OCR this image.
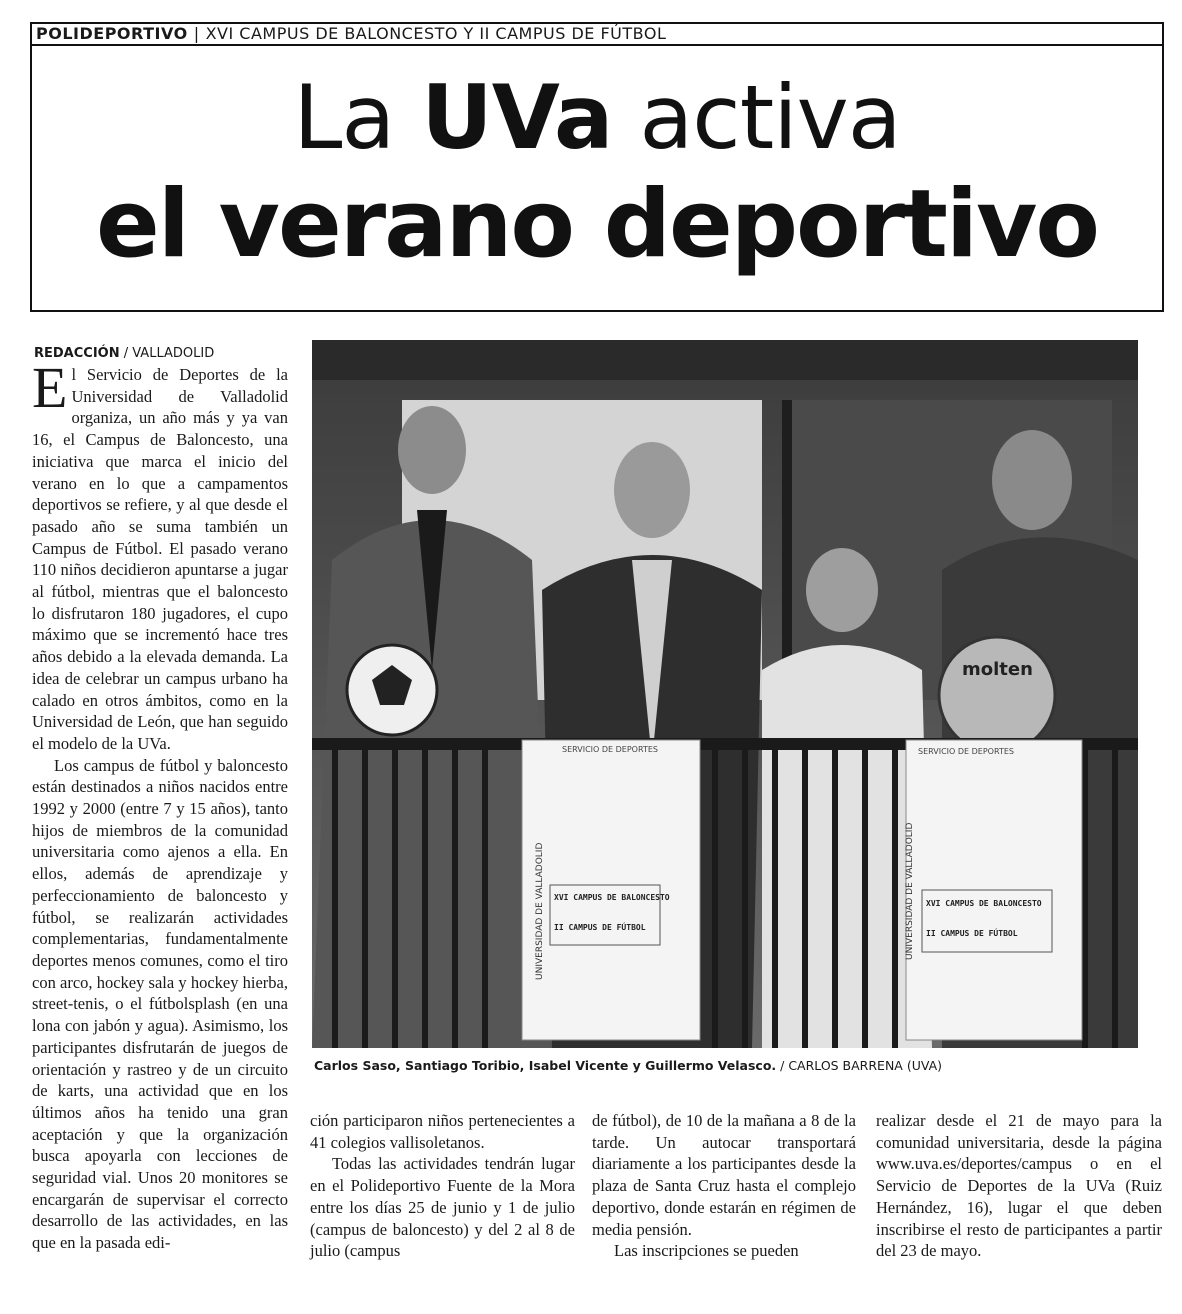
POLIDEPORTIVO | XVI CAMPUS DE BALONCESTO Y II CAMPUS DE FÚTBOL
La UVa activa
el verano deportivo
REDACCIÓN / VALLADOLID

El Servicio de Deportes de la Universidad de Valladolid organiza, un año más y ya van 16, el Campus de Baloncesto, una iniciativa que marca el inicio del verano en lo que a campamentos deportivos se refiere, y al que desde el pasado año se suma también un Campus de Fútbol. El pasado verano 110 niños decidieron apuntarse a jugar al fútbol, mientras que el baloncesto lo disfrutaron 180 jugadores, el cupo máximo que se incrementó hace tres años debido a la elevada demanda. La idea de celebrar un campus urbano ha calado en otros ámbitos, como en la Universidad de León, que han seguido el modelo de la UVa.

Los campus de fútbol y baloncesto están destinados a niños nacidos entre 1992 y 2000 (entre 7 y 15 años), tanto hijos de miembros de la comunidad universitaria como ajenos a ella. En ellos, además de aprendizaje y perfeccionamiento de baloncesto y fútbol, se realizarán actividades complementarias, fundamentalmente deportes menos comunes, como el tiro con arco, hockey sala y hockey hierba, street-tenis, o el fútbolsplash (en una lona con jabón y agua). Asimismo, los participantes disfrutarán de juegos de orientación y rastreo y de un circuito de karts, una actividad que en los últimos años ha tenido una gran aceptación y que la organización busca apoyarla con lecciones de seguridad vial. Unos 20 monitores se encargarán de supervisar el correcto desarrollo de las actividades, en las que en la pasada edi-

molten
SERVICIO DE DEPORTES
UNIVERSIDAD DE VALLADOLID XVI CAMPUS DE BALONCESTO
II CAMPUS DE FÚTBOL
SERVICIO DE DEPORTES
UNIVERSIDAD DE VALLADOLID XVI CAMPUS DE BALONCESTO
II CAMPUS DE FÚTBOL
Carlos Saso, Santiago Toribio, Isabel Vicente y Guillermo Velasco. / CARLOS BARRENA (UVA)

ción participaron niños pertenecientes a 41 colegios vallisoletanos.

Todas las actividades tendrán lugar en el Polideportivo Fuente de la Mora entre los días 25 de junio y 1 de julio (campus de baloncesto) y del 2 al 8 de julio (campus

de fútbol), de 10 de la mañana a 8 de la tarde. Un autocar transportará diariamente a los participantes desde la plaza de Santa Cruz hasta el complejo deportivo, donde estarán en régimen de media pensión.

Las inscripciones se pueden

realizar desde el 21 de mayo para la comunidad universitaria, desde la página www.uva.es/deportes/campus o en el Servicio de Deportes de la UVa (Ruiz Hernández, 16), lugar el que deben inscribirse el resto de participantes a partir del 23 de mayo.
